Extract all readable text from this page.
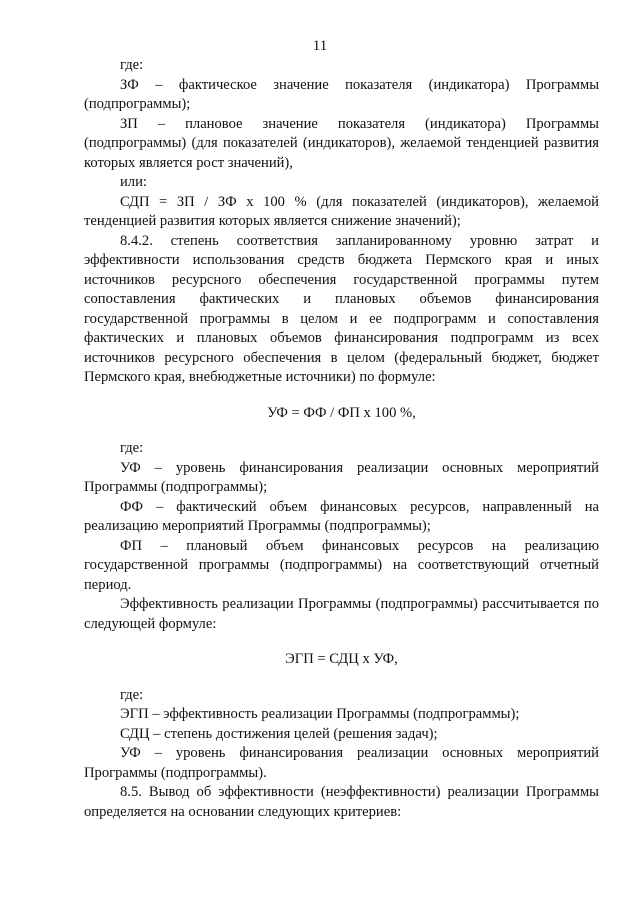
11

где:

ЗФ – фактическое значение показателя (индикатора) Программы (подпрограммы);

ЗП – плановое значение показателя (индикатора) Программы (подпрограммы) (для показателей (индикаторов), желаемой тенденцией развития которых является рост значений),

или:

СДП = ЗП / ЗФ х 100 % (для показателей (индикаторов), желаемой тенденцией развития которых является снижение значений);

8.4.2. степень соответствия запланированному уровню затрат и эффективности использования средств бюджета Пермского края и иных источников ресурсного обеспечения государственной программы путем сопоставления фактических и плановых объемов финансирования государственной программы в целом и ее подпрограмм и сопоставления фактических и плановых объемов финансирования подпрограмм из всех источников ресурсного обеспечения в целом (федеральный бюджет, бюджет Пермского края, внебюджетные источники) по формуле:

УФ = ФФ / ФП х 100 %,

где:

УФ – уровень финансирования реализации основных мероприятий Программы (подпрограммы);

ФФ – фактический объем финансовых ресурсов, направленный на реализацию мероприятий Программы (подпрограммы);

ФП – плановый объем финансовых ресурсов на реализацию государственной программы (подпрограммы) на соответствующий отчетный период.

Эффективность реализации Программы (подпрограммы) рассчитывается по следующей формуле:

ЭГП = СДЦ х УФ,

где:

ЭГП – эффективность реализации Программы (подпрограммы);

СДЦ – степень достижения целей (решения задач);

УФ – уровень финансирования реализации основных мероприятий Программы (подпрограммы).

8.5. Вывод об эффективности (неэффективности) реализации Программы определяется на основании следующих критериев:
